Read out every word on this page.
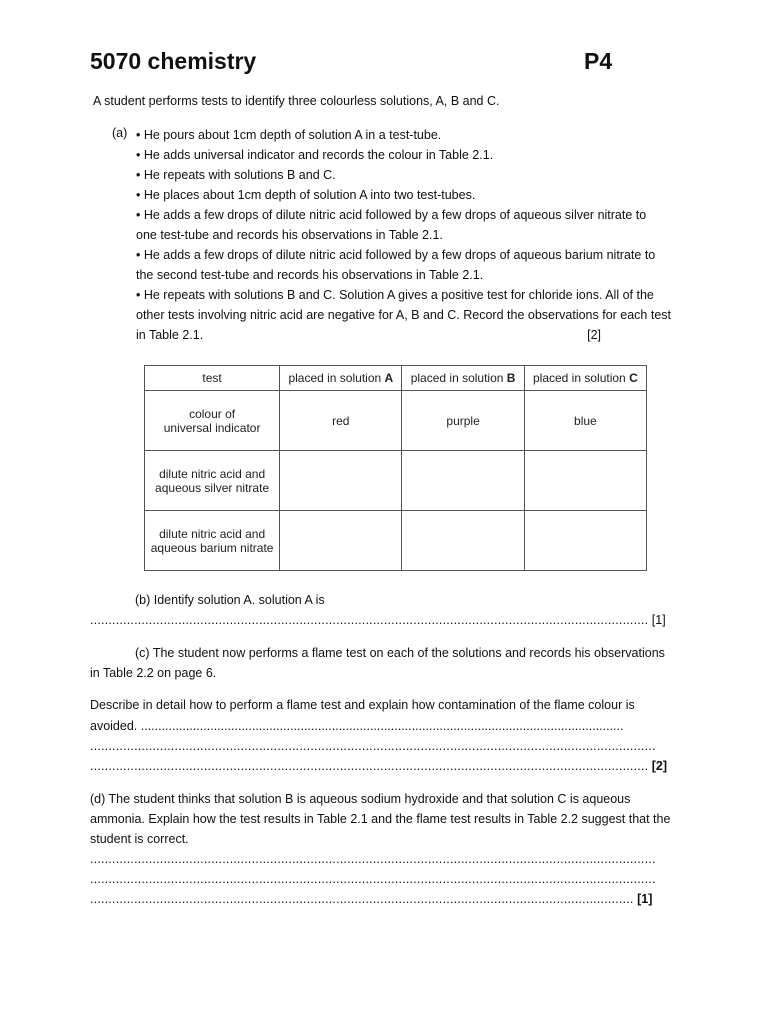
5070 chemistry	P4
A student performs tests to identify three colourless solutions, A, B and C.
(a) • He pours about 1cm depth of solution A in a test-tube.
• He adds universal indicator and records the colour in Table 2.1.
• He repeats with solutions B and C.
• He places about 1cm depth of solution A into two test-tubes.
• He adds a few drops of dilute nitric acid followed by a few drops of aqueous silver nitrate to
one test-tube and records his observations in Table 2.1.
• He adds a few drops of dilute nitric acid followed by a few drops of aqueous barium nitrate to
the second test-tube and records his observations in Table 2.1.
• He repeats with solutions B and C. Solution A gives a positive test for chloride ions. All of the
other tests involving nitric acid are negative for A, B and C. Record the observations for each test
in Table 2.1.	[2]
test	placed in solution A	placed in solution B	placed in solution C
colour of
universal indicator	red	purple	blue
dilute nitric acid and
aqueous silver nitrate			
dilute nitric acid and
aqueous barium nitrate			
(b) Identify solution A. solution A is
........................................................................................................................................................ [1]
(c) The student now performs a flame test on each of the solutions and records his observations
in Table 2.2 on page 6.
Describe in detail how to perform a flame test and explain how contamination of the flame colour is
avoided. ...........................................................................................................................................
..........................................................................................................................................................
........................................................................................................................................................ [2]
(d) The student thinks that solution B is aqueous sodium hydroxide and that solution C is aqueous
ammonia. Explain how the test results in Table 2.1 and the flame test results in Table 2.2 suggest that the
student is correct.
..........................................................................................................................................................
..........................................................................................................................................................
.................................................................................................................................................... [1]
